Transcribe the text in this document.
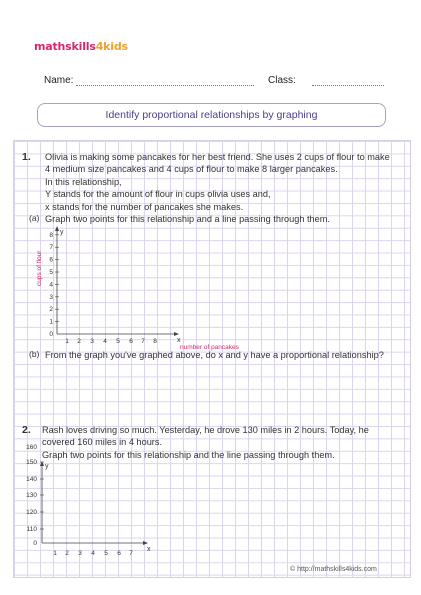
mathskills4kids
Name:	Class:
Identify proportional relationships by graphing
1. Olivia is making some pancakes for her best friend. She uses 2 cups of flour to make
4 medium size pancakes and 4 cups of flour to make 8 larger pancakes.
In this relationship,
Y stands for the amount of flour in cups olivia uses and,
x stands for the number of pancakes she makes.
(a) Graph two points for this relationship and a line passing through them.
y
x
0
1
2
3
4
5
6
7
8
1 2 3 4 5 6 7 8
cups of flour
number of pancakes
(b) From the graph you've graphed above, do x and y have a proportional relationship?
2. Rash loves driving so much. Yesterday, he drove 130 miles in 2 hours. Today, he
covered 160 miles in 4 hours.
Graph two points for this relationship and the line passing through them.
y
x
0
110
120
130
140
150
160
1 2 3 4 5 6 7
© http://mathskills4kids.com
